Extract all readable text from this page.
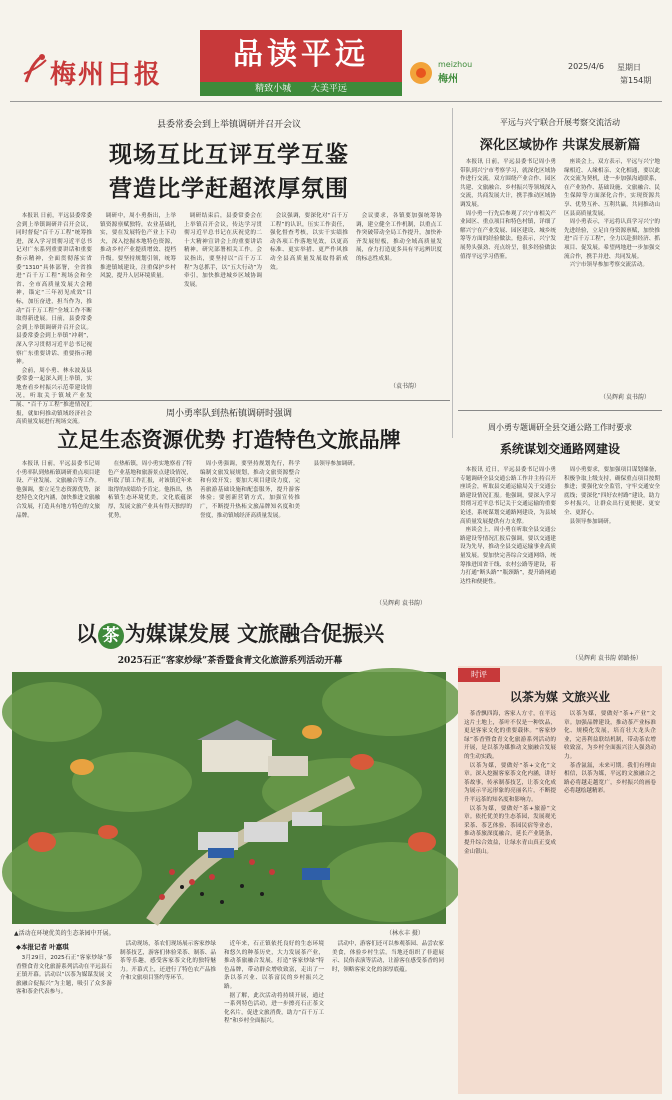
梅州日报
品读平远
精致小城 大美平远
meizhou
梅州
2025/4/6 星期日
第154期
县委常委会到上举镇调研并召开会议
现场互比互评互学互鉴
营造比学赶超浓厚氛围

本报讯 日前，平远县委常委会到上举镇调研并召开会议，同时督促“百千万工程”统筹推进，深入学习贯彻习近平总书记对广东系列重要讲话和重要指示精神，全面贯彻落实省委“1310”具体部署，全省推进“百千万工程”现场会和全省、全市高质量发展大会精神，锚定“三年初见成效”目标，加压奋进，担当作为，推动“百千万工程”全域工作不断取得新进展。日前，县委常委会到上举镇调研并召开会议。县委常委会到上举镇“冲刺”，深入学习贯彻习近平总书记视察广东重要讲话、重要指示精神。

会前，周小勇、林永波及县委常委一起深入到上举镇，实地查看乡村振兴示范带建设情况，听取关于镇域产业发展、“百千万工程”推进情况汇报，就如何推动镇域经济社会高质量发展进行现场交流。

调研中，周小勇指出，上举镇资源禀赋独特，农业基础扎实，要在发展特色产业上下功夫，深入挖掘本地特色资源，推动乡村产业提质增效、提档升级。要坚持规划引领，统筹推进镇域建设，注重保护乡村风貌，提升人居环境质量。

调研结束后，县委常委会在上举镇召开会议，传达学习贯彻习近平总书记在庆祝党的二十大精神宣讲会上的重要讲话精神，研究部署相关工作。会议指出，要坚持以“百千万工程”为总抓手，以“五大行动”为牵引，加快推进城乡区域协调发展。

会议强调，要深化对“百千万工程”的认识，压实工作责任，强化督查考核，以实干实绩推动各项工作落地见效，以更高标准、更实举措、更严作风推动全县高质量发展取得新成效。

会议要求，各镇要加强统筹协调，建立健全工作机制，以重点工作突破带动全局工作提升，加快补齐发展短板，推动全域高质量发展，奋力打造更多具有平远辨识度的标志性成果。

（袁书韵）
平远与兴宁联合开展考察交流活动
深化区域协作 共谋发展新篇

本报讯 日前，平远县委书记周小勇带队到兴宁市考察学习，就深化区域协作进行交流。双方围绕产业合作、园区共建、文旅融合、乡村振兴等领域深入交流，共商发展大计，携手推动区域协调发展。

周小勇一行先后参观了兴宁市相关产业园区、重点项目和特色村镇，详细了解兴宁在产业发展、园区建设、城乡统筹等方面的经验做法。他表示，兴宁发展势头强劲、亮点纷呈，很多经验做法值得平远学习借鉴。

座谈会上，双方表示，平远与兴宁地缘相近、人缘相亲、文化相通，要以此次交流为契机，进一步加强沟通联系，在产业协作、基础设施、文旅融合、民生保障等方面深化合作，实现资源共享、优势互补、互利共赢，共同推动山区县高质量发展。

周小勇表示，平远将认真学习兴宁的先进经验，立足自身资源禀赋，加快推进“百千万工程”，全力以赴拼经济、抓项目、促发展。希望两地进一步加强交流合作，携手并进、共同发展。

兴宁市领导参加考察交流活动。

（吴辉莉 袁书韵）
周小勇率队到热柘镇调研时强调
立足生态资源优势 打造特色文旅品牌

本报讯 日前，平远县委书记周小勇率队到热柘镇调研重点项目建设、产业发展、文旅融合等工作。他强调，要立足生态资源优势，深挖特色文化内涵，加快推进文旅融合发展，打造具有地方特色的文旅品牌。

在热柘镇，周小勇实地察看了特色产业基地和旅游景点建设情况，听取了镇工作汇报，对该镇近年来取得的成绩给予肯定。他指出，热柘镇生态环境优美，文化底蕴深厚，发展文旅产业具有得天独厚的优势。

周小勇强调，要坚持规划先行，科学编制文旅发展规划，推动文旅资源整合和有效开发；要加大项目建设力度，完善旅游基础设施和配套服务，提升游客体验；要创新营销方式，加强宣传推广，不断提升热柘文旅品牌知名度和美誉度，推动镇域经济高质量发展。

县领导参加调研。

（吴辉莉 袁书韵）
周小勇专题调研全县交通公路工作时要求
系统谋划交通路网建设

本报讯 近日，平远县委书记周小勇专题调研全县交通公路工作并主持召开座谈会，听取县交通运输局关于交通公路建设情况汇报。他强调，要深入学习贯彻习近平总书记关于交通运输的重要论述，系统谋划交通路网建设，为县域高质量发展提供有力支撑。

座谈会上，周小勇在听取全县交通公路建设等情况汇报后强调，要以交通建设为先导，推动全县交通运输事业高质量发展。要加快完善综合交通网络，统筹推进国省干线、农村公路等建设，着力打通“断头路”“瓶颈路”，提升路网通达性和便捷性。

周小勇要求，要加强项目谋划储备，积极争取上级支持，确保重点项目按期推进；要强化安全监管，守牢交通安全底线；要深化“四好农村路”建设，助力乡村振兴，让群众出行更便捷、更安全、更舒心。

县领导参加调研。

（吴辉莉 袁书韵 韩路扬）
以 茶 为媒谋发展 文旅融合促振兴
2025石正“客家炒绿”茶香暨食青文化旅游系列活动开幕
▲活动在环境优美的生态茶园中开展。	（林水丰 摄）
◆本报记者 叶嘉琪

3月29日，2025石正“客家炒绿”茶香暨食青文化旅游系列活动在平远县石正镇开幕。活动以“以茶为媒谋发展 文旅融合促振兴”为主题，吸引了众多游客和茶企代表参与。

活动现场，茶农们现场展示客家炒绿制茶技艺，游客们体验采茶、制茶、品茶等乐趣，感受客家茶文化的独特魅力。开幕式上，还进行了特色农产品推介和文旅项目签约等环节。

近年来，石正镇依托良好的生态环境和悠久的种茶历史，大力发展茶产业，推动茶旅融合发展，打造“客家炒绿”特色品牌，带动群众增收致富，走出了一条以茶兴业、以茶富民的乡村振兴之路。

据了解，此次活动将持续开展，通过一系列特色活动，进一步擦亮石正茶文化名片，促进文旅消费，助力“百千万工程”和乡村全面振兴。

活动中，游客们还可以参观茶园、品尝农家美食，体验乡村生活。当地还组织了非遗展示、民俗表演等活动，让游客在感受茶香的同时，领略客家文化的深厚底蕴。

时评
以茶为媒 文旅兴业

茶香飘四海，客家人方寸，在平远这片土地上，茶叶不仅是一种饮品，更是客家文化的重要载体。“客家炒绿”茶香暨食青文化旅游系列活动的开展，是以茶为媒推动文旅融合发展的生动实践。

以茶为媒，要做好“茶+文化”文章。深入挖掘客家茶文化内涵，讲好茶故事，传承制茶技艺，让茶文化成为展示平远形象的亮丽名片，不断提升平远茶的知名度和影响力。

以茶为媒，要做好“茶+旅游”文章。依托优美的生态茶园，发展观光采茶、茶艺体验、茶园民宿等业态，推动茶旅深度融合，延长产业链条，提升综合效益，让绿水青山真正变成金山银山。

以茶为媒，要做好“茶+产业”文章。加强品牌建设，推动茶产业标准化、规模化发展，培育壮大龙头企业，完善利益联结机制，带动茶农增收致富，为乡村全面振兴注入强劲动力。

茶香氤氲，未来可期。我们有理由相信，以茶为媒，平远的文旅融合之路必将越走越宽广，乡村振兴的画卷必将越绘越精彩。
